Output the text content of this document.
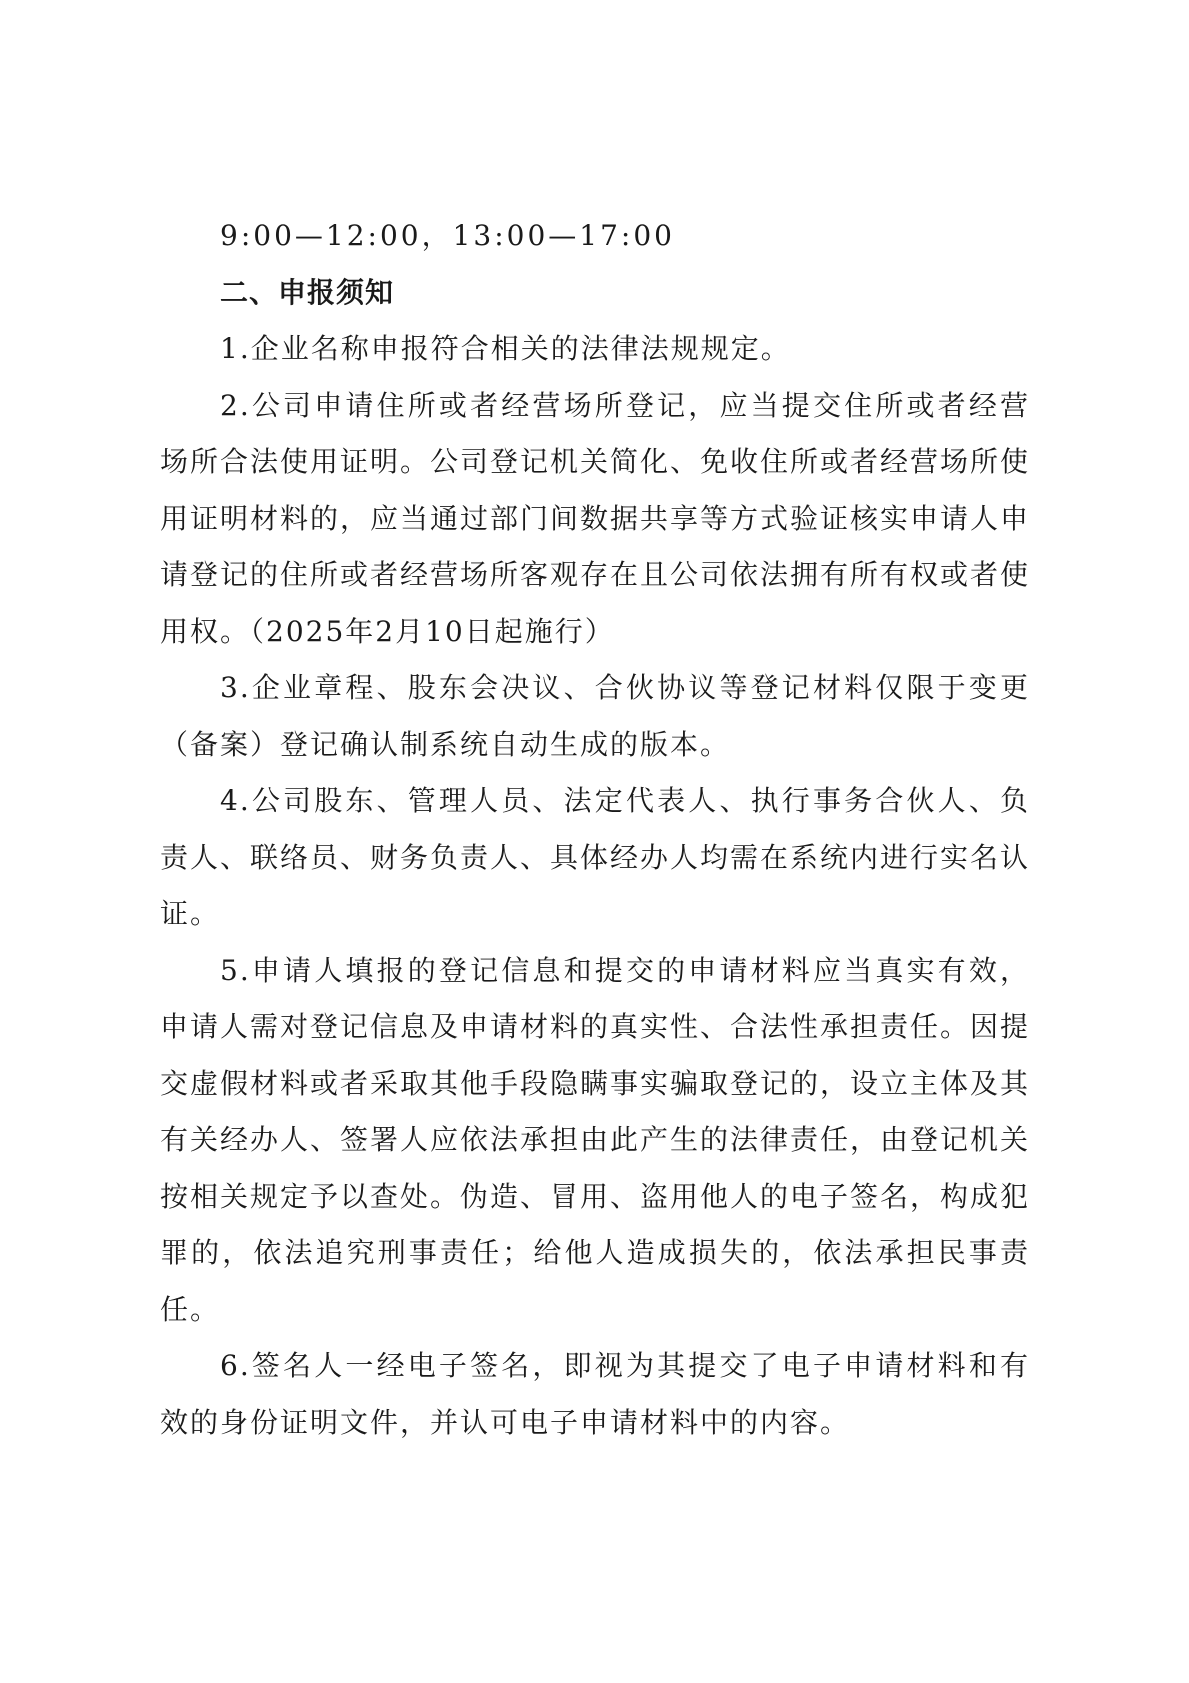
9:00—12:00，13:00—17:00

二、申报须知

1.企业名称申报符合相关的法律法规规定。

2.公司申请住所或者经营场所登记，应当提交住所或者经营场所合法使用证明。公司登记机关简化、免收住所或者经营场所使用证明材料的，应当通过部门间数据共享等方式验证核实申请人申请登记的住所或者经营场所客观存在且公司依法拥有所有权或者使用权。（2025年2月10日起施行）

3.企业章程、股东会决议、合伙协议等登记材料仅限于变更（备案）登记确认制系统自动生成的版本。

4.公司股东、管理人员、法定代表人、执行事务合伙人、负责人、联络员、财务负责人、具体经办人均需在系统内进行实名认证。

5.申请人填报的登记信息和提交的申请材料应当真实有效，申请人需对登记信息及申请材料的真实性、合法性承担责任。因提交虚假材料或者采取其他手段隐瞒事实骗取登记的，设立主体及其有关经办人、签署人应依法承担由此产生的法律责任，由登记机关按相关规定予以查处。伪造、冒用、盗用他人的电子签名，构成犯罪的，依法追究刑事责任；给他人造成损失的，依法承担民事责任。

6.签名人一经电子签名，即视为其提交了电子申请材料和有效的身份证明文件，并认可电子申请材料中的内容。
